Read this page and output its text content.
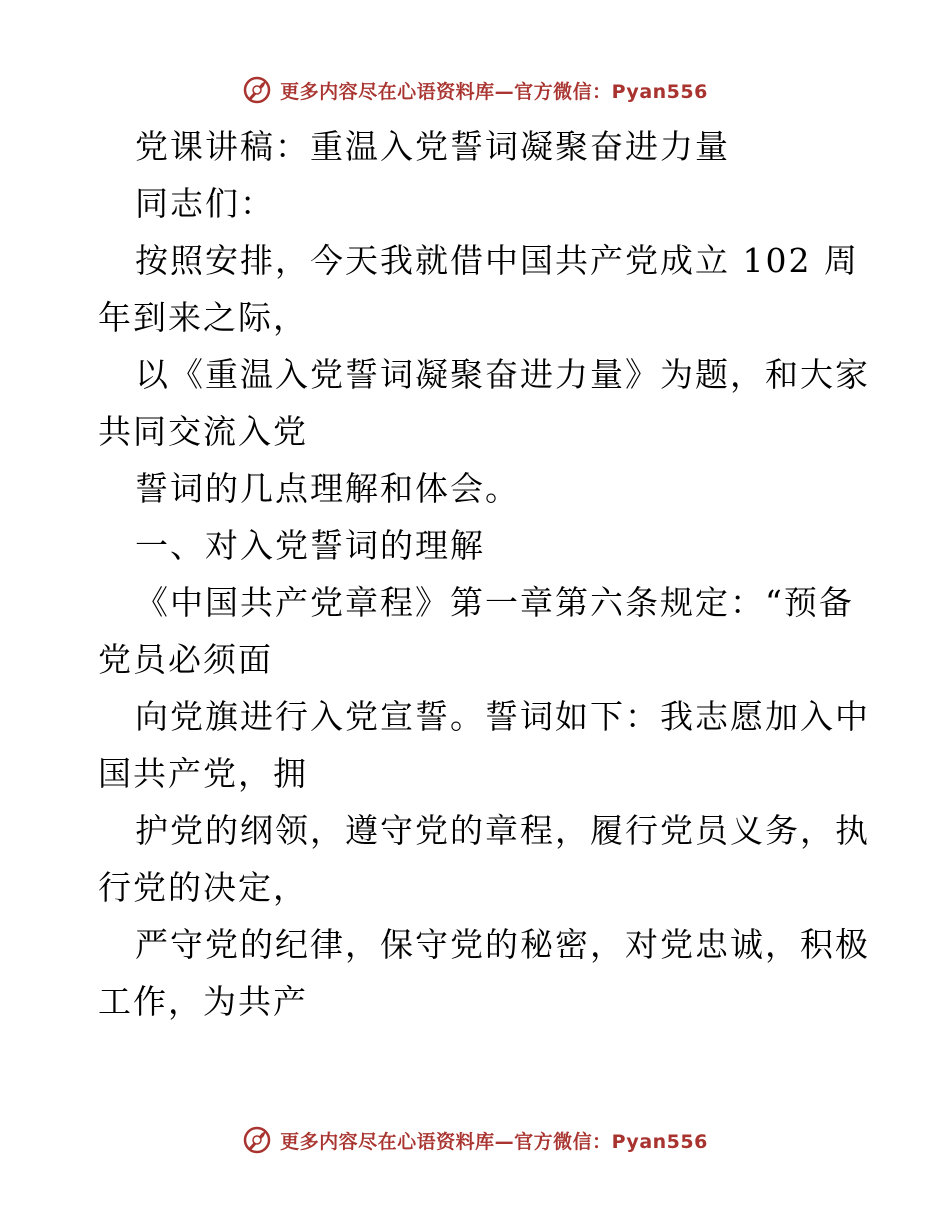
更多内容尽在心语资料库—官方微信：Pyan556

党课讲稿：重温入党誓词凝聚奋进力量

同志们：

按照安排，今天我就借中国共产党成立 102 周

年到来之际，

以《重温入党誓词凝聚奋进力量》为题，和大家

共同交流入党

誓词的几点理解和体会。

一、对入党誓词的理解

《中国共产党章程》第一章第六条规定：“预备

党员必须面

向党旗进行入党宣誓。誓词如下：我志愿加入中

国共产党，拥

护党的纲领，遵守党的章程，履行党员义务，执

行党的决定，

严守党的纪律，保守党的秘密，对党忠诚，积极

工作，为共产

更多内容尽在心语资料库—官方微信：Pyan556
